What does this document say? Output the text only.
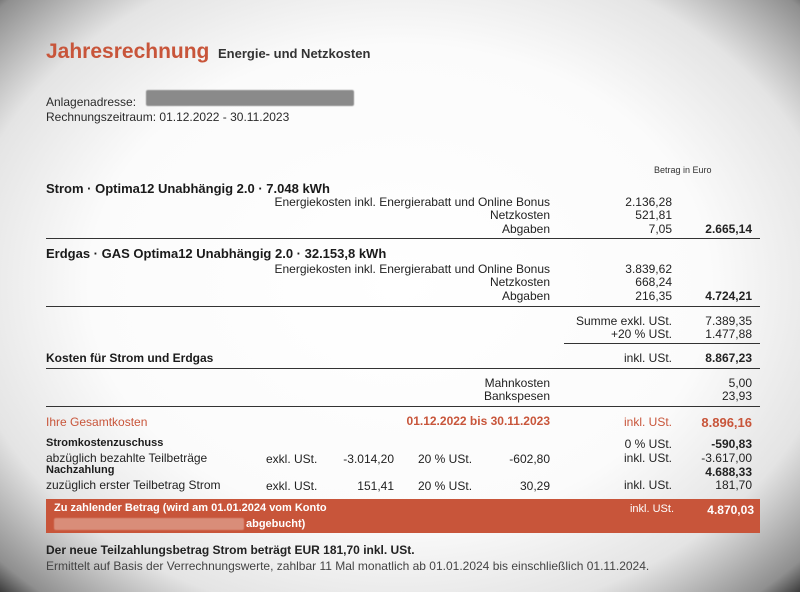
Jahresrechnung Energie- und Netzkosten
Anlagenadresse:
Rechnungszeitraum: 01.12.2022 - 30.11.2023
Betrag in Euro
Strom · Optima12 Unabhängig 2.0 · 7.048 kWh
Energiekosten inkl. Energierabatt und Online Bonus	2.136,28
Netzkosten	521,81
Abgaben	7,05	2.665,14
Erdgas · GAS Optima12 Unabhängig 2.0 · 32.153,8 kWh
Energiekosten inkl. Energierabatt und Online Bonus	3.839,62
Netzkosten	668,24
Abgaben	216,35	4.724,21
Summe exkl. USt.	7.389,35
+20 % USt.	1.477,88
Kosten für Strom und Erdgas	inkl. USt.	8.867,23
Mahnkosten	5,00
Bankspesen	23,93
Ihre Gesamtkosten	01.12.2022 bis 30.11.2023	inkl. USt. 8.896,16
Stromkostenzuschuss	0 % USt.	-590,83
abzüglich bezahlte Teilbeträge	exkl. USt. -3.014,20 20 % USt.	-602,80	inkl. USt. -3.617,00
Nachzahlung	4.688,33
zuzüglich erster Teilbetrag Strom	exkl. USt.	151,41 20 % USt.	30,29	inkl. USt.	181,70
Zu zahlender Betrag (wird am 01.01.2024 vom Konto
abgebucht)
inkl. USt.	4.870,03
Der neue Teilzahlungsbetrag Strom beträgt EUR 181,70 inkl. USt.
Ermittelt auf Basis der Verrechnungswerte, zahlbar 11 Mal monatlich ab 01.01.2024 bis einschließlich 01.11.2024.
